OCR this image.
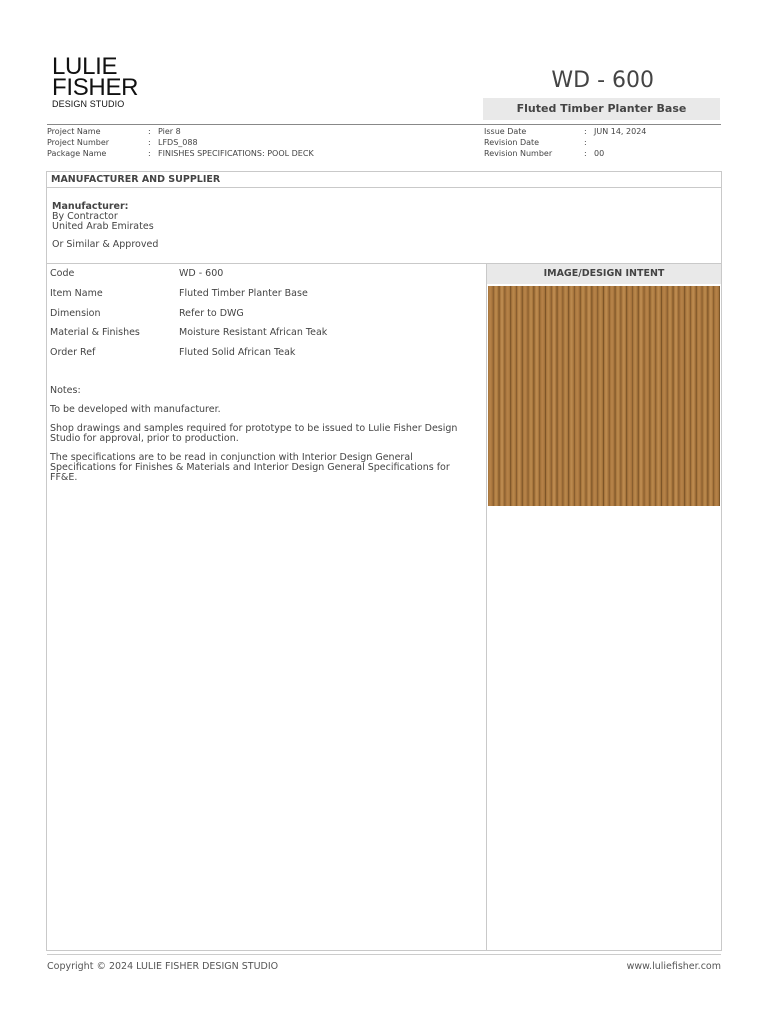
LULIE
FISHER
DESIGN STUDIO
WD - 600
Fluted Timber Planter Base
Project Name	: Pier 8
Project Number	: LFDS_088
Package Name	: FINISHES SPECIFICATIONS: POOL DECK
Issue Date	: JUN 14, 2024
Revision Date	:
Revision Number	: 00
MANUFACTURER AND SUPPLIER
Manufacturer:
By Contractor
United Arab Emirates
Or Similar & Approved
Code	WD - 600
Item Name	Fluted Timber Planter Base
Dimension	Refer to DWG
Material & Finishes	Moisture Resistant African Teak
Order Ref	Fluted Solid African Teak

Notes:

To be developed with manufacturer.

Shop drawings and samples required for prototype to be issued to Lulie Fisher Design Studio for approval, prior to production.

The specifications are to be read in conjunction with Interior Design General Specifications for Finishes & Materials and Interior Design General Specifications for FF&E.

IMAGE/DESIGN INTENT
Copyright © 2024 LULIE FISHER DESIGN STUDIO	www.luliefisher.com
